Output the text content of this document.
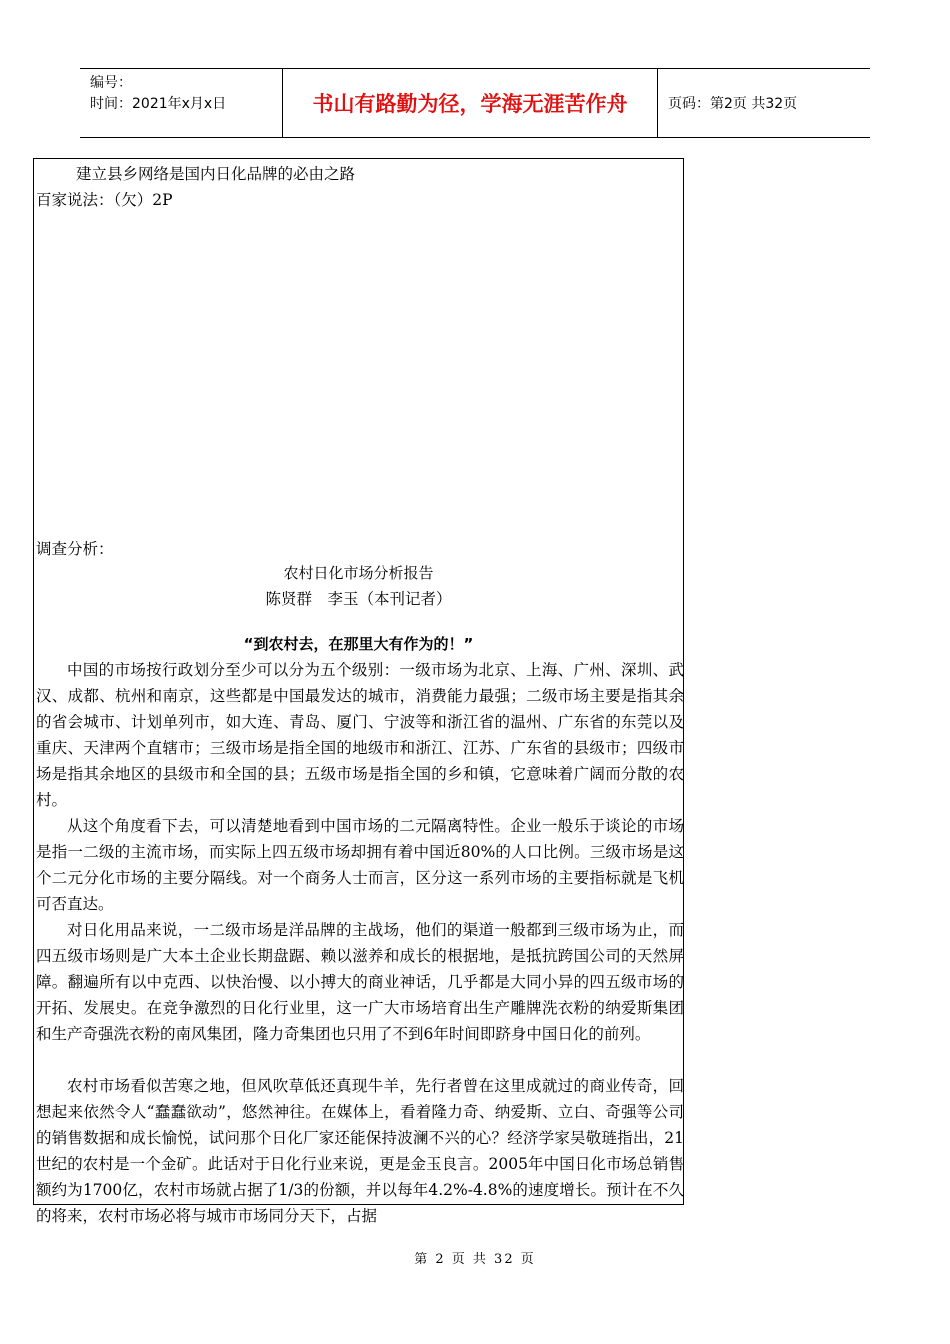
编号：
时间：2021年x月x日	书山有路勤为径，学海无涯苦作舟	页码：第2页 共32页
建立县乡网络是国内日化品牌的必由之路
百家说法：（欠）2P
调查分析：
农村日化市场分析报告
陈贤群　李玉（本刊记者）
“到农村去，在那里大有作为的！”
中国的市场按行政划分至少可以分为五个级别：一级市场为北京、上海、广州、深圳、武汉、成都、杭州和南京，这些都是中国最发达的城市，消费能力最强；二级市场主要是指其余的省会城市、计划单列市，如大连、青岛、厦门、宁波等和浙江省的温州、广东省的东莞以及重庆、天津两个直辖市；三级市场是指全国的地级市和浙江、江苏、广东省的县级市；四级市场是指其余地区的县级市和全国的县；五级市场是指全国的乡和镇，它意味着广阔而分散的农村。
从这个角度看下去，可以清楚地看到中国市场的二元隔离特性。企业一般乐于谈论的市场是指一二级的主流市场，而实际上四五级市场却拥有着中国近80%的人口比例。三级市场是这个二元分化市场的主要分隔线。对一个商务人士而言，区分这一系列市场的主要指标就是飞机可否直达。
对日化用品来说，一二级市场是洋品牌的主战场，他们的渠道一般都到三级市场为止，而四五级市场则是广大本土企业长期盘踞、赖以滋养和成长的根据地，是抵抗跨国公司的天然屏障。翻遍所有以中克西、以快治慢、以小搏大的商业神话，几乎都是大同小异的四五级市场的开拓、发展史。在竞争激烈的日化行业里，这一广大市场培育出生产雕牌洗衣粉的纳爱斯集团和生产奇强洗衣粉的南风集团，隆力奇集团也只用了不到6年时间即跻身中国日化的前列。
农村市场看似苦寒之地，但风吹草低还真现牛羊，先行者曾在这里成就过的商业传奇，回想起来依然令人“蠢蠢欲动”，悠然神往。在媒体上，看着隆力奇、纳爱斯、立白、奇强等公司的销售数据和成长愉悦，试问那个日化厂家还能保持波澜不兴的心？经济学家吴敬琏指出，21世纪的农村是一个金矿。此话对于日化行业来说，更是金玉良言。2005年中国日化市场总销售额约为1700亿，农村市场就占据了1/3的份额，并以每年4.2%-4.8%的速度增长。预计在不久的将来，农村市场必将与城市市场同分天下，占据
第 2 页 共 32 页
